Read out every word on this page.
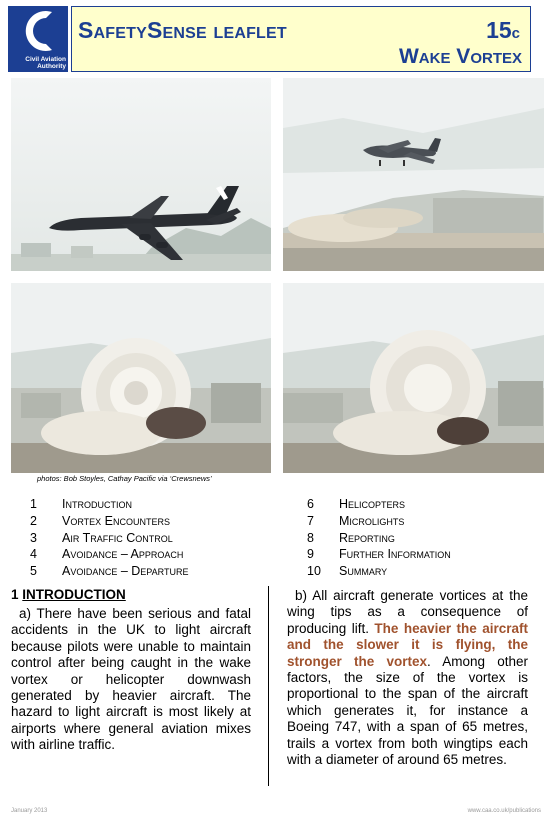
Civil Aviation
Authority
SafetySense leaflet	15c
Wake Vortex
photos: Bob Stoyles, Cathay Pacific via ‘Crewsnews’
1	Introduction
2	Vortex Encounters
3	Air Traffic Control
4	Avoidance – Approach
5	Avoidance – Departure
6	Helicopters
7	Microlights
8	Reporting
9	Further Information
10	Summary
1 INTRODUCTION
a) There have been serious and fatal accidents in the UK to light aircraft because pilots were unable to maintain control after being caught in the wake vortex or helicopter downwash generated by heavier aircraft. The hazard to light aircraft is most likely at airports where general aviation mixes with airline traffic.
b) All aircraft generate vortices at the wing tips as a consequence of producing lift. The heavier the aircraft and the slower it is flying, the stronger the vortex. Among other factors, the size of the vortex is proportional to the span of the aircraft which generates it, for instance a Boeing 747, with a span of 65 metres, trails a vortex from both wingtips each with a diameter of around 65 metres.
January 2013	www.caa.co.uk/publications
